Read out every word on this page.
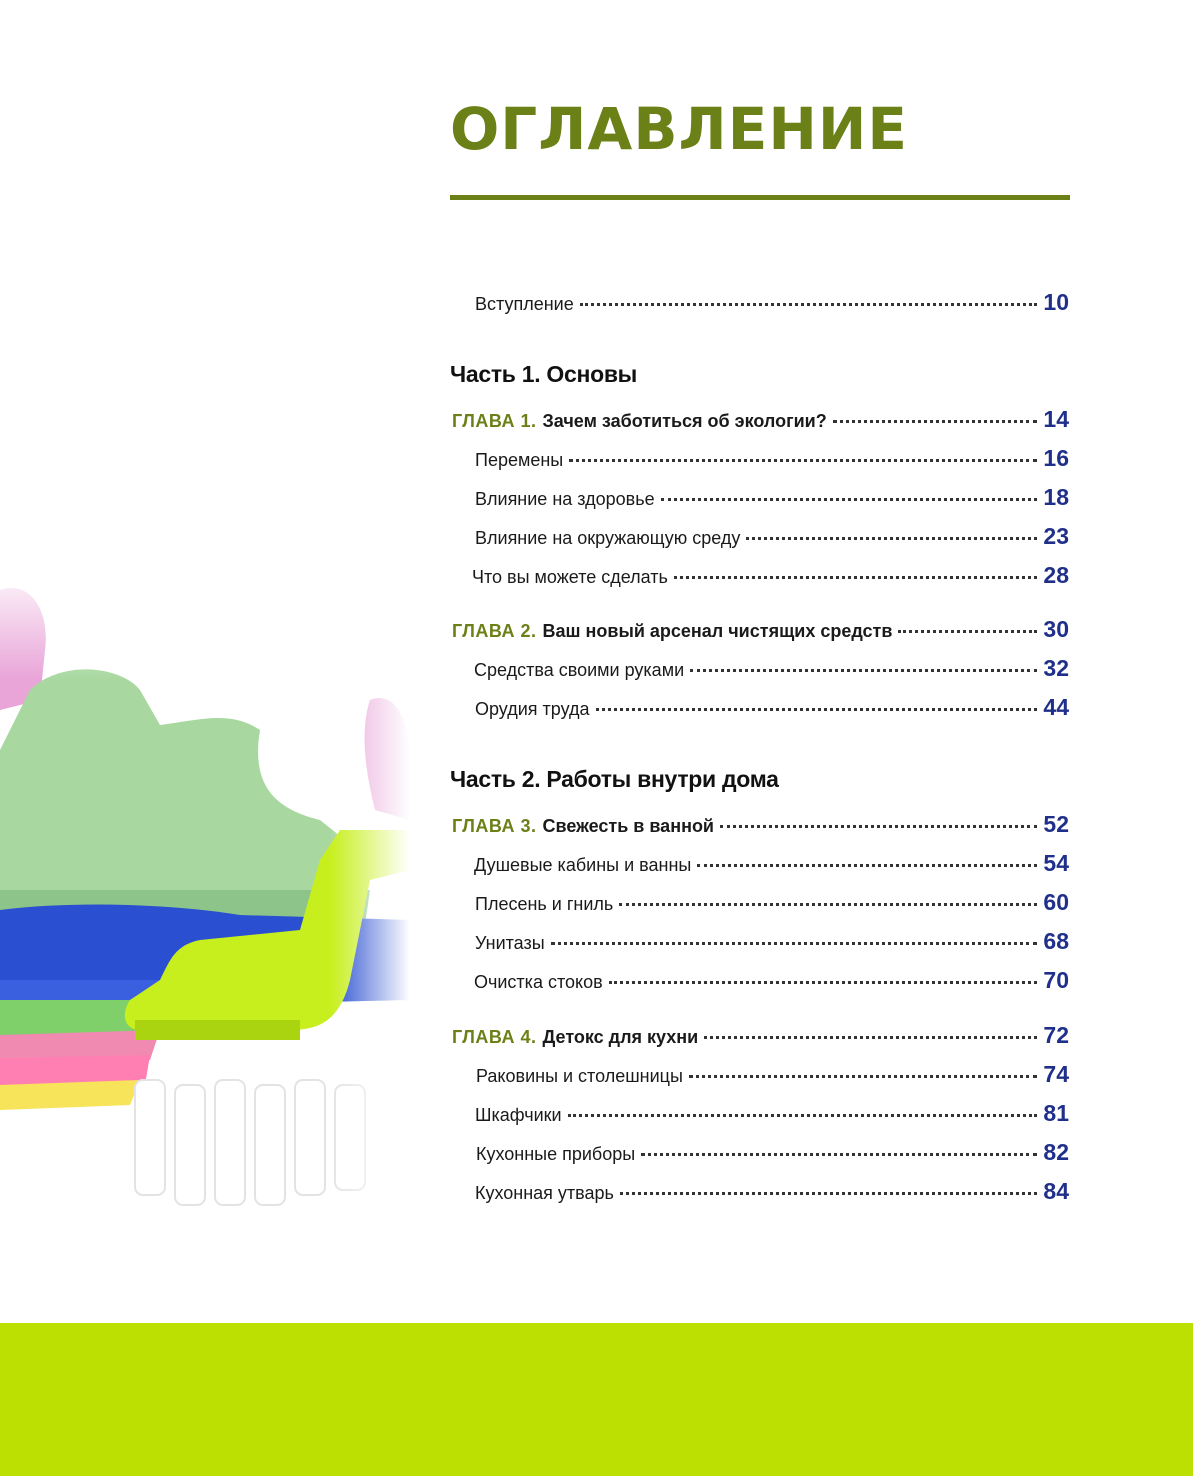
ОГЛАВЛЕНИЕ
Вступление	10
Часть 1. Основы
ГЛАВА 1. Зачем заботиться об экологии?	14
Перемены	16
Влияние на здоровье	18
Влияние на окружающую среду	23
Что вы можете сделать	28
ГЛАВА 2. Ваш новый арсенал чистящих средств	30
Средства своими руками	32
Орудия труда	44
Часть 2. Работы внутри дома
ГЛАВА 3. Свежесть в ванной	52
Душевые кабины и ванны	54
Плесень и гниль	60
Унитазы	68
Очистка стоков	70
ГЛАВА 4. Детокс для кухни	72
Раковины и столешницы	74
Шкафчики	81
Кухонные приборы	82
Кухонная утварь	84
